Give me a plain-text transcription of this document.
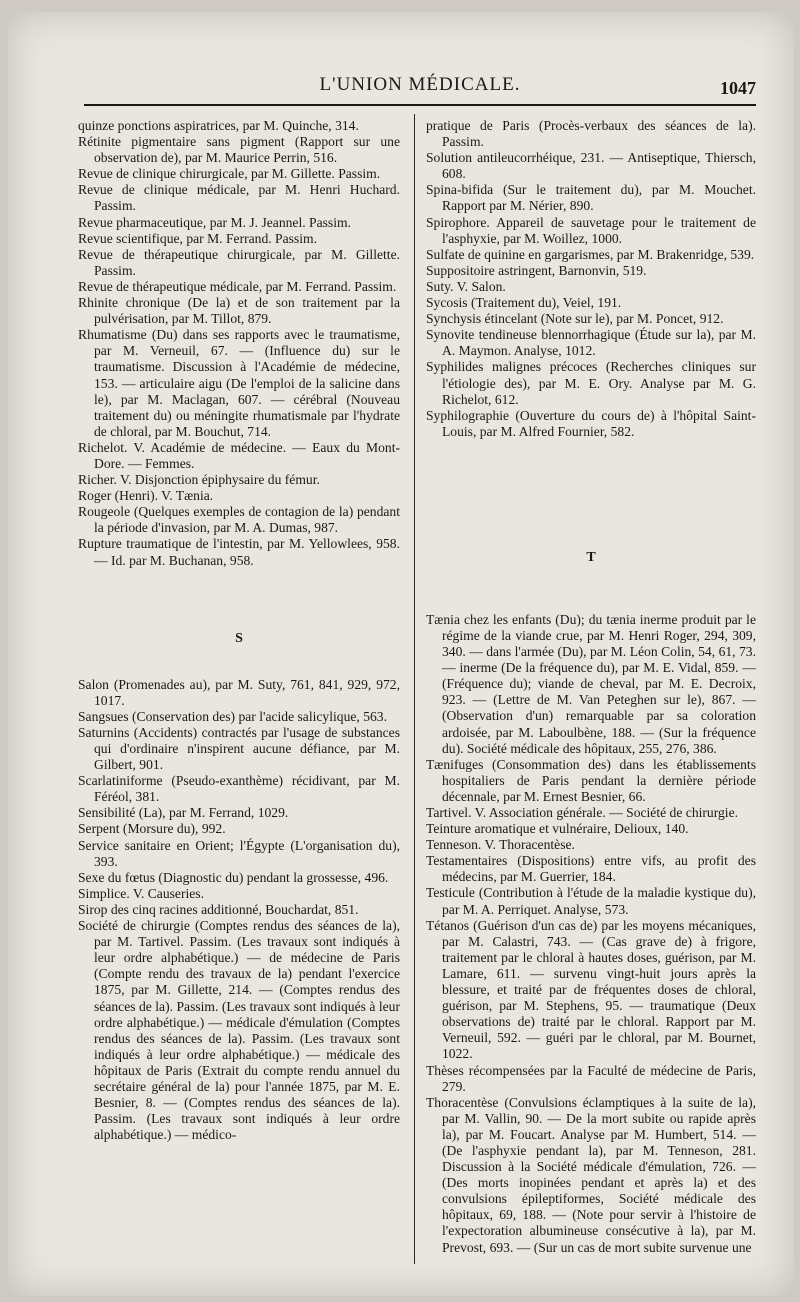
L'UNION MÉDICALE.	1047

quinze ponctions aspiratrices, par M. Quinche, 314.

Rétinite pigmentaire sans pigment (Rapport sur une observation de), par M. Maurice Perrin, 516.

Revue de clinique chirurgicale, par M. Gillette. Passim.

Revue de clinique médicale, par M. Henri Huchard. Passim.

Revue pharmaceutique, par M. J. Jeannel. Passim.

Revue scientifique, par M. Ferrand. Passim.

Revue de thérapeutique chirurgicale, par M. Gillette. Passim.

Revue de thérapeutique médicale, par M. Ferrand. Passim.

Rhinite chronique (De la) et de son traitement par la pulvérisation, par M. Tillot, 879.

Rhumatisme (Du) dans ses rapports avec le traumatisme, par M. Verneuil, 67. — (Influence du) sur le traumatisme. Discussion à l'Académie de médecine, 153. — articulaire aigu (De l'emploi de la salicine dans le), par M. Maclagan, 607. — cérébral (Nouveau traitement du) ou méningite rhumatismale par l'hydrate de chloral, par M. Bouchut, 714.

Richelot. V. Académie de médecine. — Eaux du Mont-Dore. — Femmes.

Richer. V. Disjonction épiphysaire du fémur.

Roger (Henri). V. Tænia.

Rougeole (Quelques exemples de contagion de la) pendant la période d'invasion, par M. A. Dumas, 987.

Rupture traumatique de l'intestin, par M. Yellowlees, 958. — Id. par M. Buchanan, 958.

S

Salon (Promenades au), par M. Suty, 761, 841, 929, 972, 1017.

Sangsues (Conservation des) par l'acide salicylique, 563.

Saturnins (Accidents) contractés par l'usage de substances qui d'ordinaire n'inspirent aucune défiance, par M. Gilbert, 901.

Scarlatiniforme (Pseudo-exanthème) récidivant, par M. Féréol, 381.

Sensibilité (La), par M. Ferrand, 1029.

Serpent (Morsure du), 992.

Service sanitaire en Orient; l'Égypte (L'organisation du), 393.

Sexe du fœtus (Diagnostic du) pendant la grossesse, 496.

Simplice. V. Causeries.

Sirop des cinq racines additionné, Bouchardat, 851.

Société de chirurgie (Comptes rendus des séances de la), par M. Tartivel. Passim. (Les travaux sont indiqués à leur ordre alphabétique.) — de médecine de Paris (Compte rendu des travaux de la) pendant l'exercice 1875, par M. Gillette, 214. — (Comptes rendus des séances de la). Passim. (Les travaux sont indiqués à leur ordre alphabétique.) — médicale d'émulation (Comptes rendus des séances de la). Passim. (Les travaux sont indiqués à leur ordre alphabétique.) — médicale des hôpitaux de Paris (Extrait du compte rendu annuel du secrétaire général de la) pour l'année 1875, par M. E. Besnier, 8. — (Comptes rendus des séances de la). Passim. (Les travaux sont indiqués à leur ordre alphabétique.) — médico-

pratique de Paris (Procès-verbaux des séances de la). Passim.

Solution antileucorrhéique, 231. — Antiseptique, Thiersch, 608.

Spina-bifida (Sur le traitement du), par M. Mouchet. Rapport par M. Nérier, 890.

Spirophore. Appareil de sauvetage pour le traitement de l'asphyxie, par M. Woillez, 1000.

Sulfate de quinine en gargarismes, par M. Brakenridge, 539.

Suppositoire astringent, Barnonvin, 519.

Suty. V. Salon.

Sycosis (Traitement du), Veiel, 191.

Synchysis étincelant (Note sur le), par M. Poncet, 912.

Synovite tendineuse blennorrhagique (Étude sur la), par M. A. Maymon. Analyse, 1012.

Syphilides malignes précoces (Recherches cliniques sur l'étiologie des), par M. E. Ory. Analyse par M. G. Richelot, 612.

Syphilographie (Ouverture du cours de) à l'hôpital Saint-Louis, par M. Alfred Fournier, 582.

T

Tænia chez les enfants (Du); du tænia inerme produit par le régime de la viande crue, par M. Henri Roger, 294, 309, 340. — dans l'armée (Du), par M. Léon Colin, 54, 61, 73. — inerme (De la fréquence du), par M. E. Vidal, 859. — (Fréquence du); viande de cheval, par M. E. Decroix, 923. — (Lettre de M. Van Peteghen sur le), 867. — (Observation d'un) remarquable par sa coloration ardoisée, par M. Laboulbène, 188. — (Sur la fréquence du). Société médicale des hôpitaux, 255, 276, 386.

Tænifuges (Consommation des) dans les établissements hospitaliers de Paris pendant la dernière période décennale, par M. Ernest Besnier, 66.

Tartivel. V. Association générale. — Société de chirurgie.

Teinture aromatique et vulnéraire, Delioux, 140.

Tenneson. V. Thoracentèse.

Testamentaires (Dispositions) entre vifs, au profit des médecins, par M. Guerrier, 184.

Testicule (Contribution à l'étude de la maladie kystique du), par M. A. Perriquet. Analyse, 573.

Tétanos (Guérison d'un cas de) par les moyens mécaniques, par M. Calastri, 743. — (Cas grave de) à frigore, traitement par le chloral à hautes doses, guérison, par M. Lamare, 611. — survenu vingt-huit jours après la blessure, et traité par de fréquentes doses de chloral, guérison, par M. Stephens, 95. — traumatique (Deux observations de) traité par le chloral. Rapport par M. Verneuil, 592. — guéri par le chloral, par M. Bournet, 1022.

Thèses récompensées par la Faculté de médecine de Paris, 279.

Thoracentèse (Convulsions éclamptiques à la suite de la), par M. Vallin, 90. — De la mort subite ou rapide après la), par M. Foucart. Analyse par M. Humbert, 514. — (De l'asphyxie pendant la), par M. Tenneson, 281. Discussion à la Société médicale d'émulation, 726. — (Des morts inopinées pendant et après la) et des convulsions épileptiformes, Société médicale des hôpitaux, 69, 188. — (Note pour servir à l'histoire de l'expectoration albumineuse consécutive à la), par M. Prevost, 693. — (Sur un cas de mort subite survenue une
